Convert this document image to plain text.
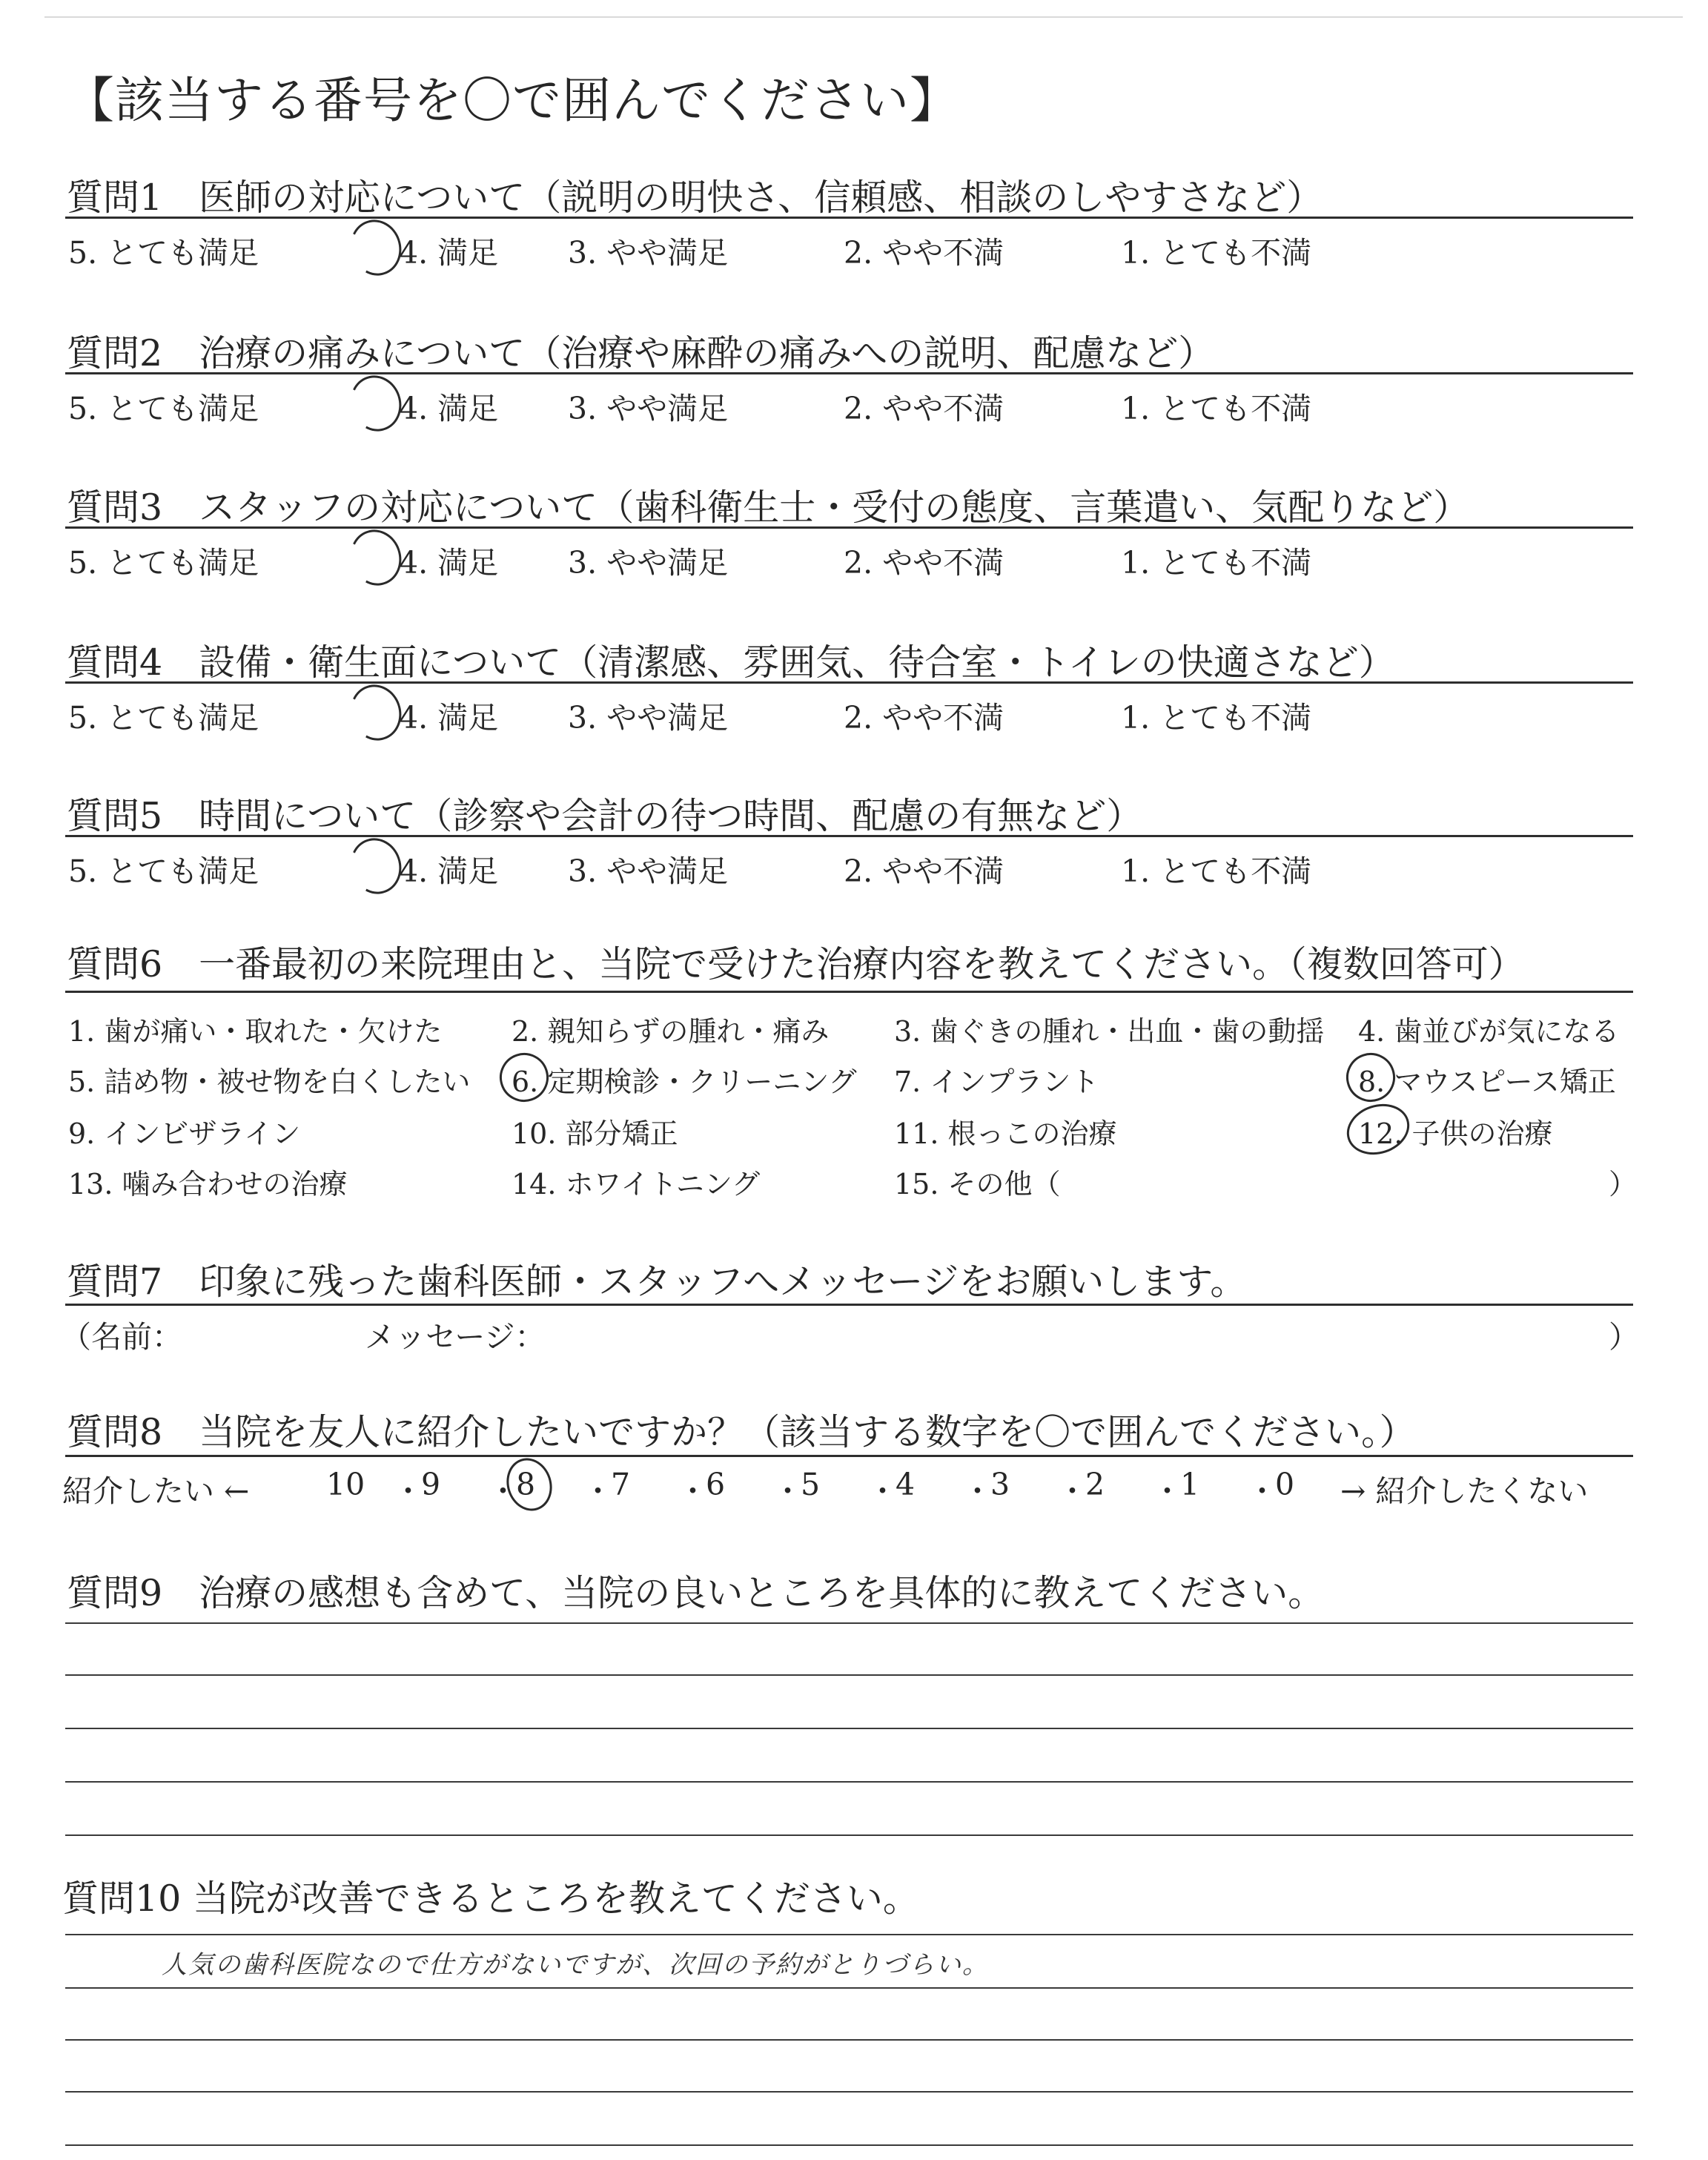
【該当する番号を〇で囲んでください】
質問1　医師の対応について（説明の明快さ、信頼感、相談のしやすさなど）
5. とても満足	4. 満足 3. やや満足	2. やや不満	1. とても不満
質問2　治療の痛みについて（治療や麻酔の痛みへの説明、配慮など）
5. とても満足	4. 満足 3. やや満足	2. やや不満	1. とても不満
質問3　スタッフの対応について（歯科衛生士・受付の態度、言葉遣い、気配りなど）
5. とても満足	4. 満足 3. やや満足	2. やや不満	1. とても不満
質問4　設備・衛生面について（清潔感、雰囲気、待合室・トイレの快適さなど）
5. とても満足	4. 満足 3. やや満足	2. やや不満	1. とても不満
質問5　時間について（診察や会計の待つ時間、配慮の有無など）
5. とても満足	4. 満足 3. やや満足	2. やや不満	1. とても不満
質問6　一番最初の来院理由と、当院で受けた治療内容を教えてください。（複数回答可）
1. 歯が痛い・取れた・欠けた 2. 親知らずの腫れ・痛み 3. 歯ぐきの腫れ・出血・歯の動揺 4. 歯並びが気になる
5. 詰め物・被せ物を白くしたい 6. 定期検診・クリーニング 7. インプラント	8. マウスピース矯正
9. インビザライン	10. 部分矯正	11. 根っこの治療	12. 子供の治療
13. 噛み合わせの治療	14. ホワイトニング	15. その他（	）
質問7　印象に残った歯科医師・スタッフへメッセージをお願いします。
（名前：	メッセージ：	）
質問8　当院を友人に紹介したいですか？（該当する数字を〇で囲んでください。）
紹介したい ←	10 ・
9 ・
8 ・
7 ・
6 ・
5 ・
4 ・
3 ・
2 ・
1 ・
0 → 紹介したくない
質問9　治療の感想も含めて、当院の良いところを具体的に教えてください。
質問10 当院が改善できるところを教えてください。
人気の歯科医院なので仕方がないですが、次回の予約がとりづらい。
